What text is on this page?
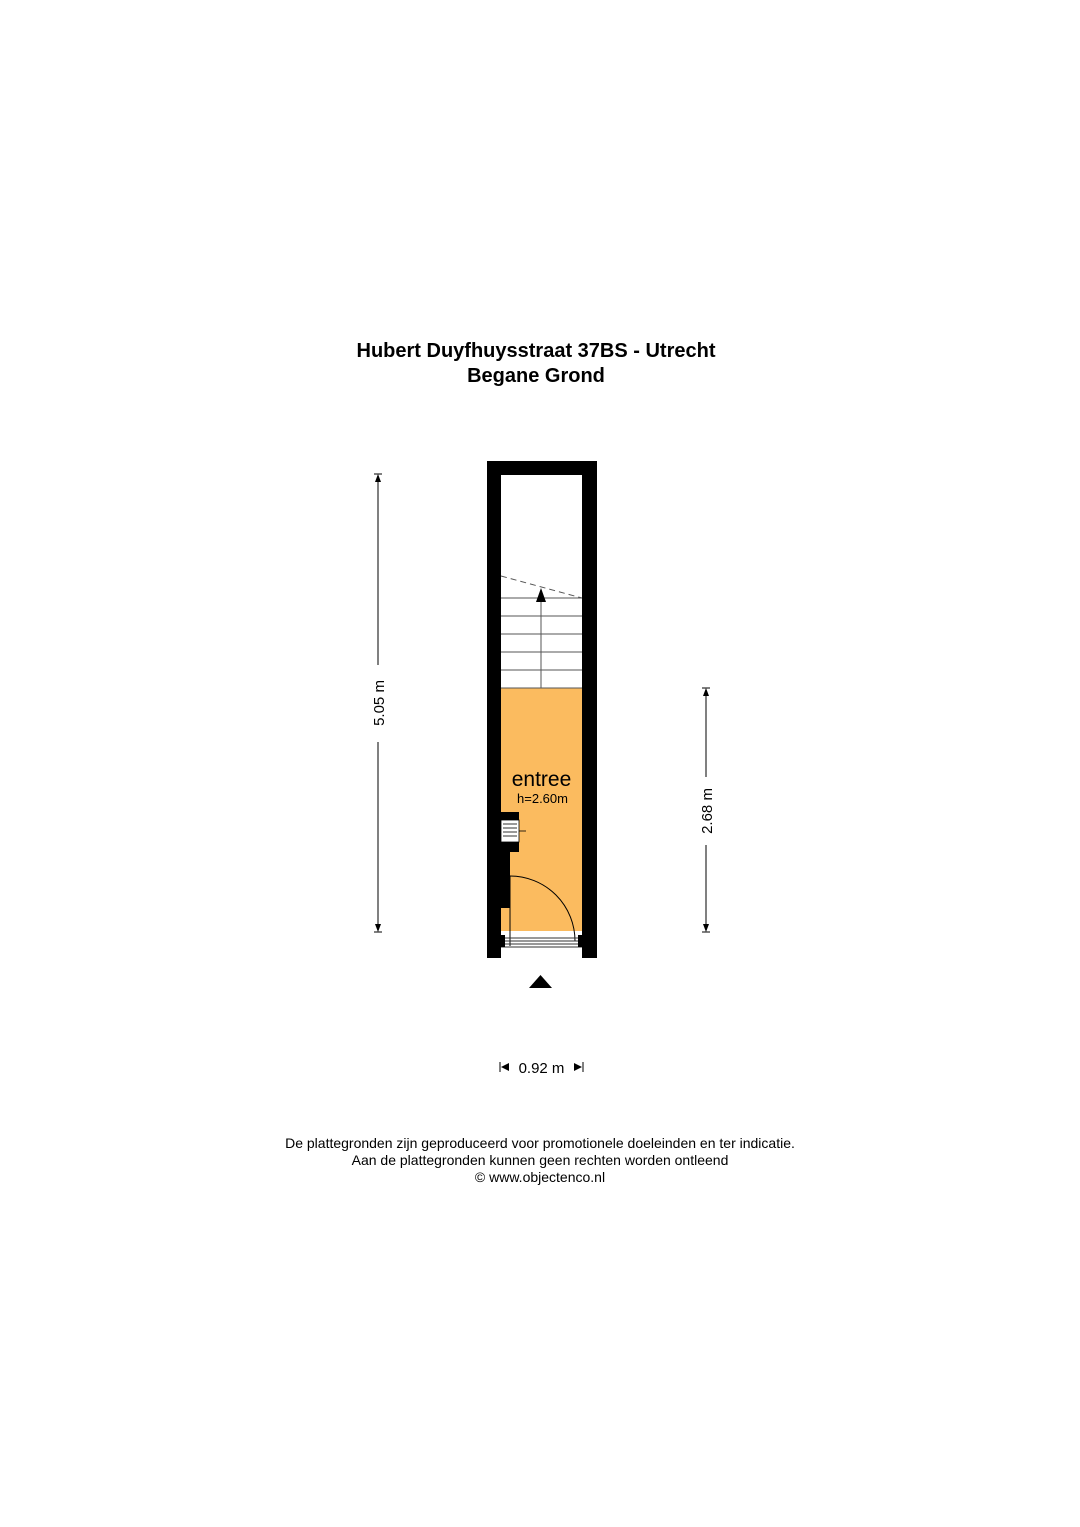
Hubert Duyfhuysstraat 37BS - Utrecht
Begane Grond
entree
h=2.60m
5.05 m
2.68 m
0.92 m
De plattegronden zijn geproduceerd voor promotionele doeleinden en ter indicatie.
Aan de plattegronden kunnen geen rechten worden ontleend
© www.objectenco.nl
